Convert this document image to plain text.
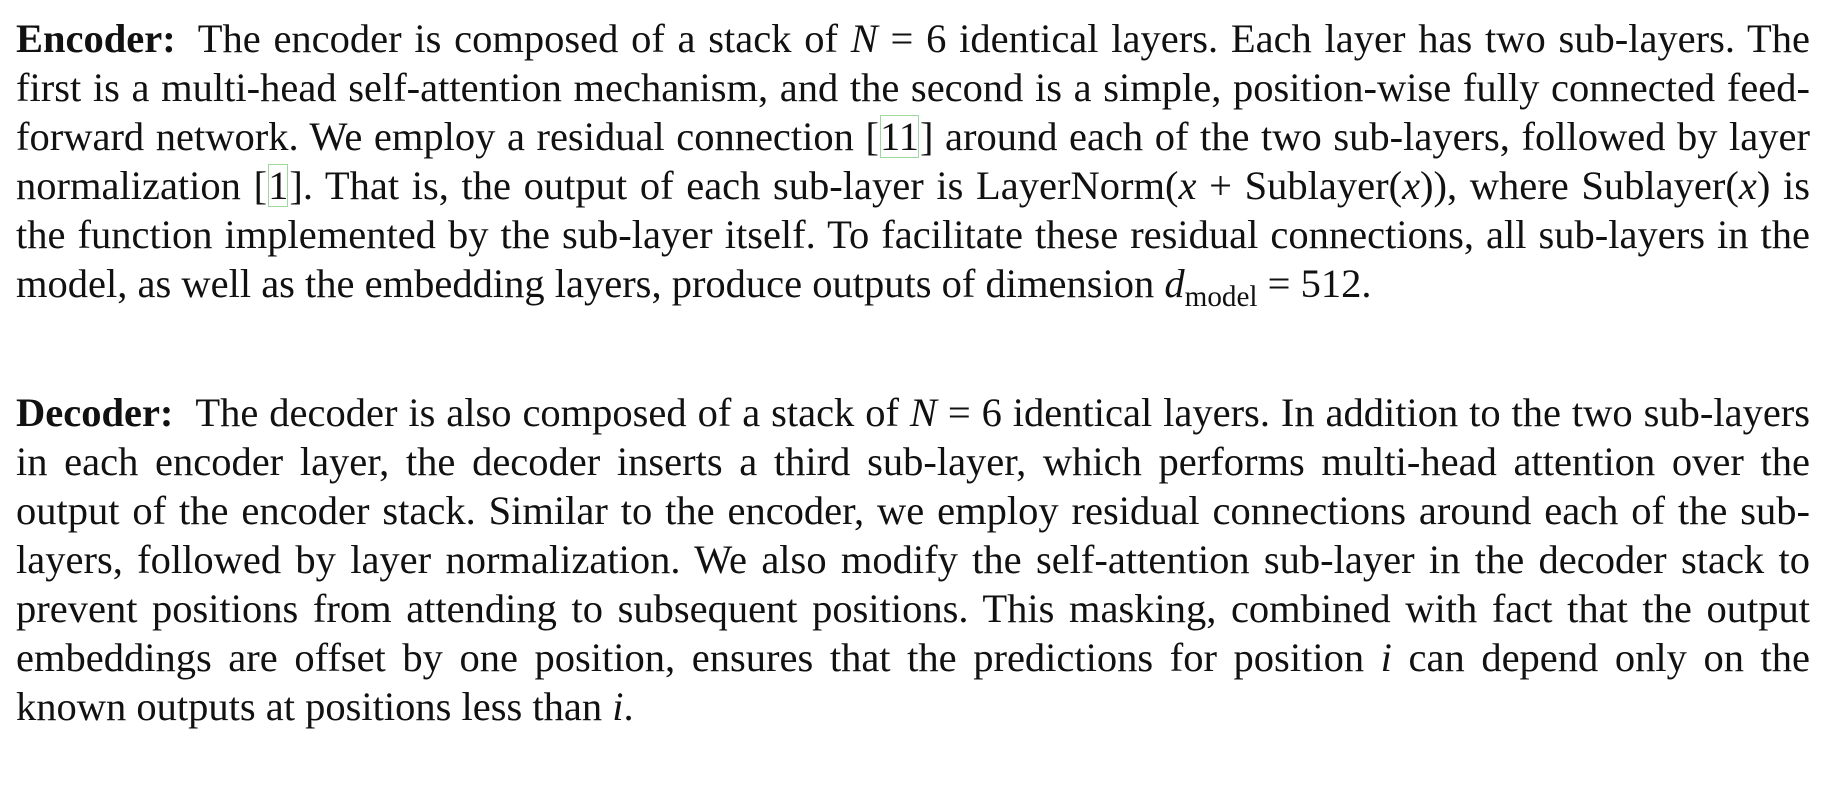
Encoder: The encoder is composed of a stack of N = 6 identical layers. Each layer has two sub-layers. The first is a multi-head self-attention mechanism, and the second is a simple, position-wise fully connected feed-forward network. We employ a residual connection [11] around each of the two sub-layers, followed by layer normalization [1]. That is, the output of each sub-layer is LayerNorm(x + Sublayer(x)), where Sublayer(x) is the function implemented by the sub-layer itself. To facilitate these residual connections, all sub-layers in the model, as well as the embedding layers, produce outputs of dimension $d_{model} = 512$.

Decoder: The decoder is also composed of a stack of N = 6 identical layers. In addition to the two sub-layers in each encoder layer, the decoder inserts a third sub-layer, which performs multi-head attention over the output of the encoder stack. Similar to the encoder, we employ residual connections around each of the sub-layers, followed by layer normalization. We also modify the self-attention sub-layer in the decoder stack to prevent positions from attending to subsequent positions. This masking, combined with fact that the output embeddings are offset by one position, ensures that the predictions for position i can depend only on the known outputs at positions less than i.
